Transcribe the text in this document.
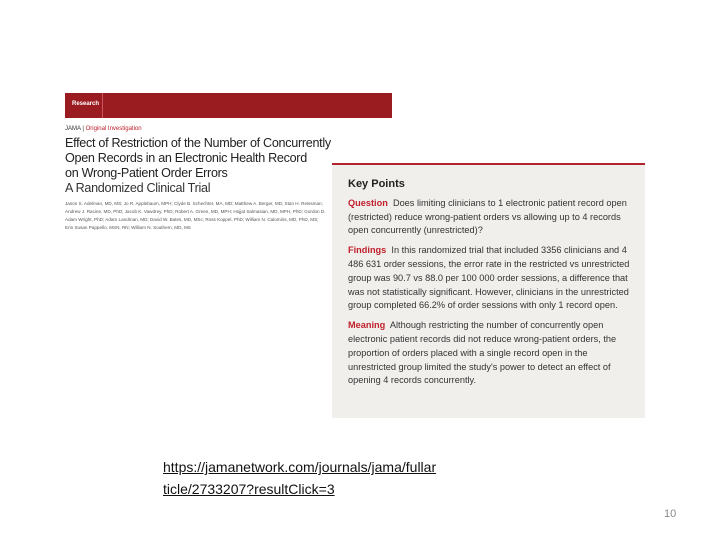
Research
JAMA | Original Investigation
Effect of Restriction of the Number of Concurrently
Open Records in an Electronic Health Record
on Wrong-Patient Order Errors
A Randomized Clinical Trial
Jason S. Adelman, MD, MS; Jo R. Applebaum, MPH; Clyde B. Schechter, MA, MD; Matthew A. Berger, MD; Stan H. Reissman; Andrew J. Racine, MD, PhD; Jacob K. Vawdrey, PhD; Robert A. Green, MD, MPH; Hojjat Salmasian, MD, MPH, PhD; Gordon D. Adam Wright, PhD; Adam Landman, MD; David W. Bates, MD, MSc; Ross Koppel, PhD; William N. Calomiris, MD, PhD, MS; Erin Susan Pappello, MSN, RN; William N. Southern, MD, MS
Key Points

Question Does limiting clinicians to 1 electronic patient record open (restricted) reduce wrong-patient orders vs allowing up to 4 records open concurrently (unrestricted)?

Findings In this randomized trial that included 3356 clinicians and 4 486 631 order sessions, the error rate in the restricted vs unrestricted group was 90.7 vs 88.0 per 100 000 order sessions, a difference that was not statistically significant. However, clinicians in the unrestricted group completed 66.2% of order sessions with only 1 record open.

Meaning Although restricting the number of concurrently open electronic patient records did not reduce wrong-patient orders, the proportion of orders placed with a single record open in the unrestricted group limited the study's power to detect an effect of opening 4 records concurrently.

https://jamanetwork.com/journals/jama/fullar
ticle/2733207?resultClick=3
10
